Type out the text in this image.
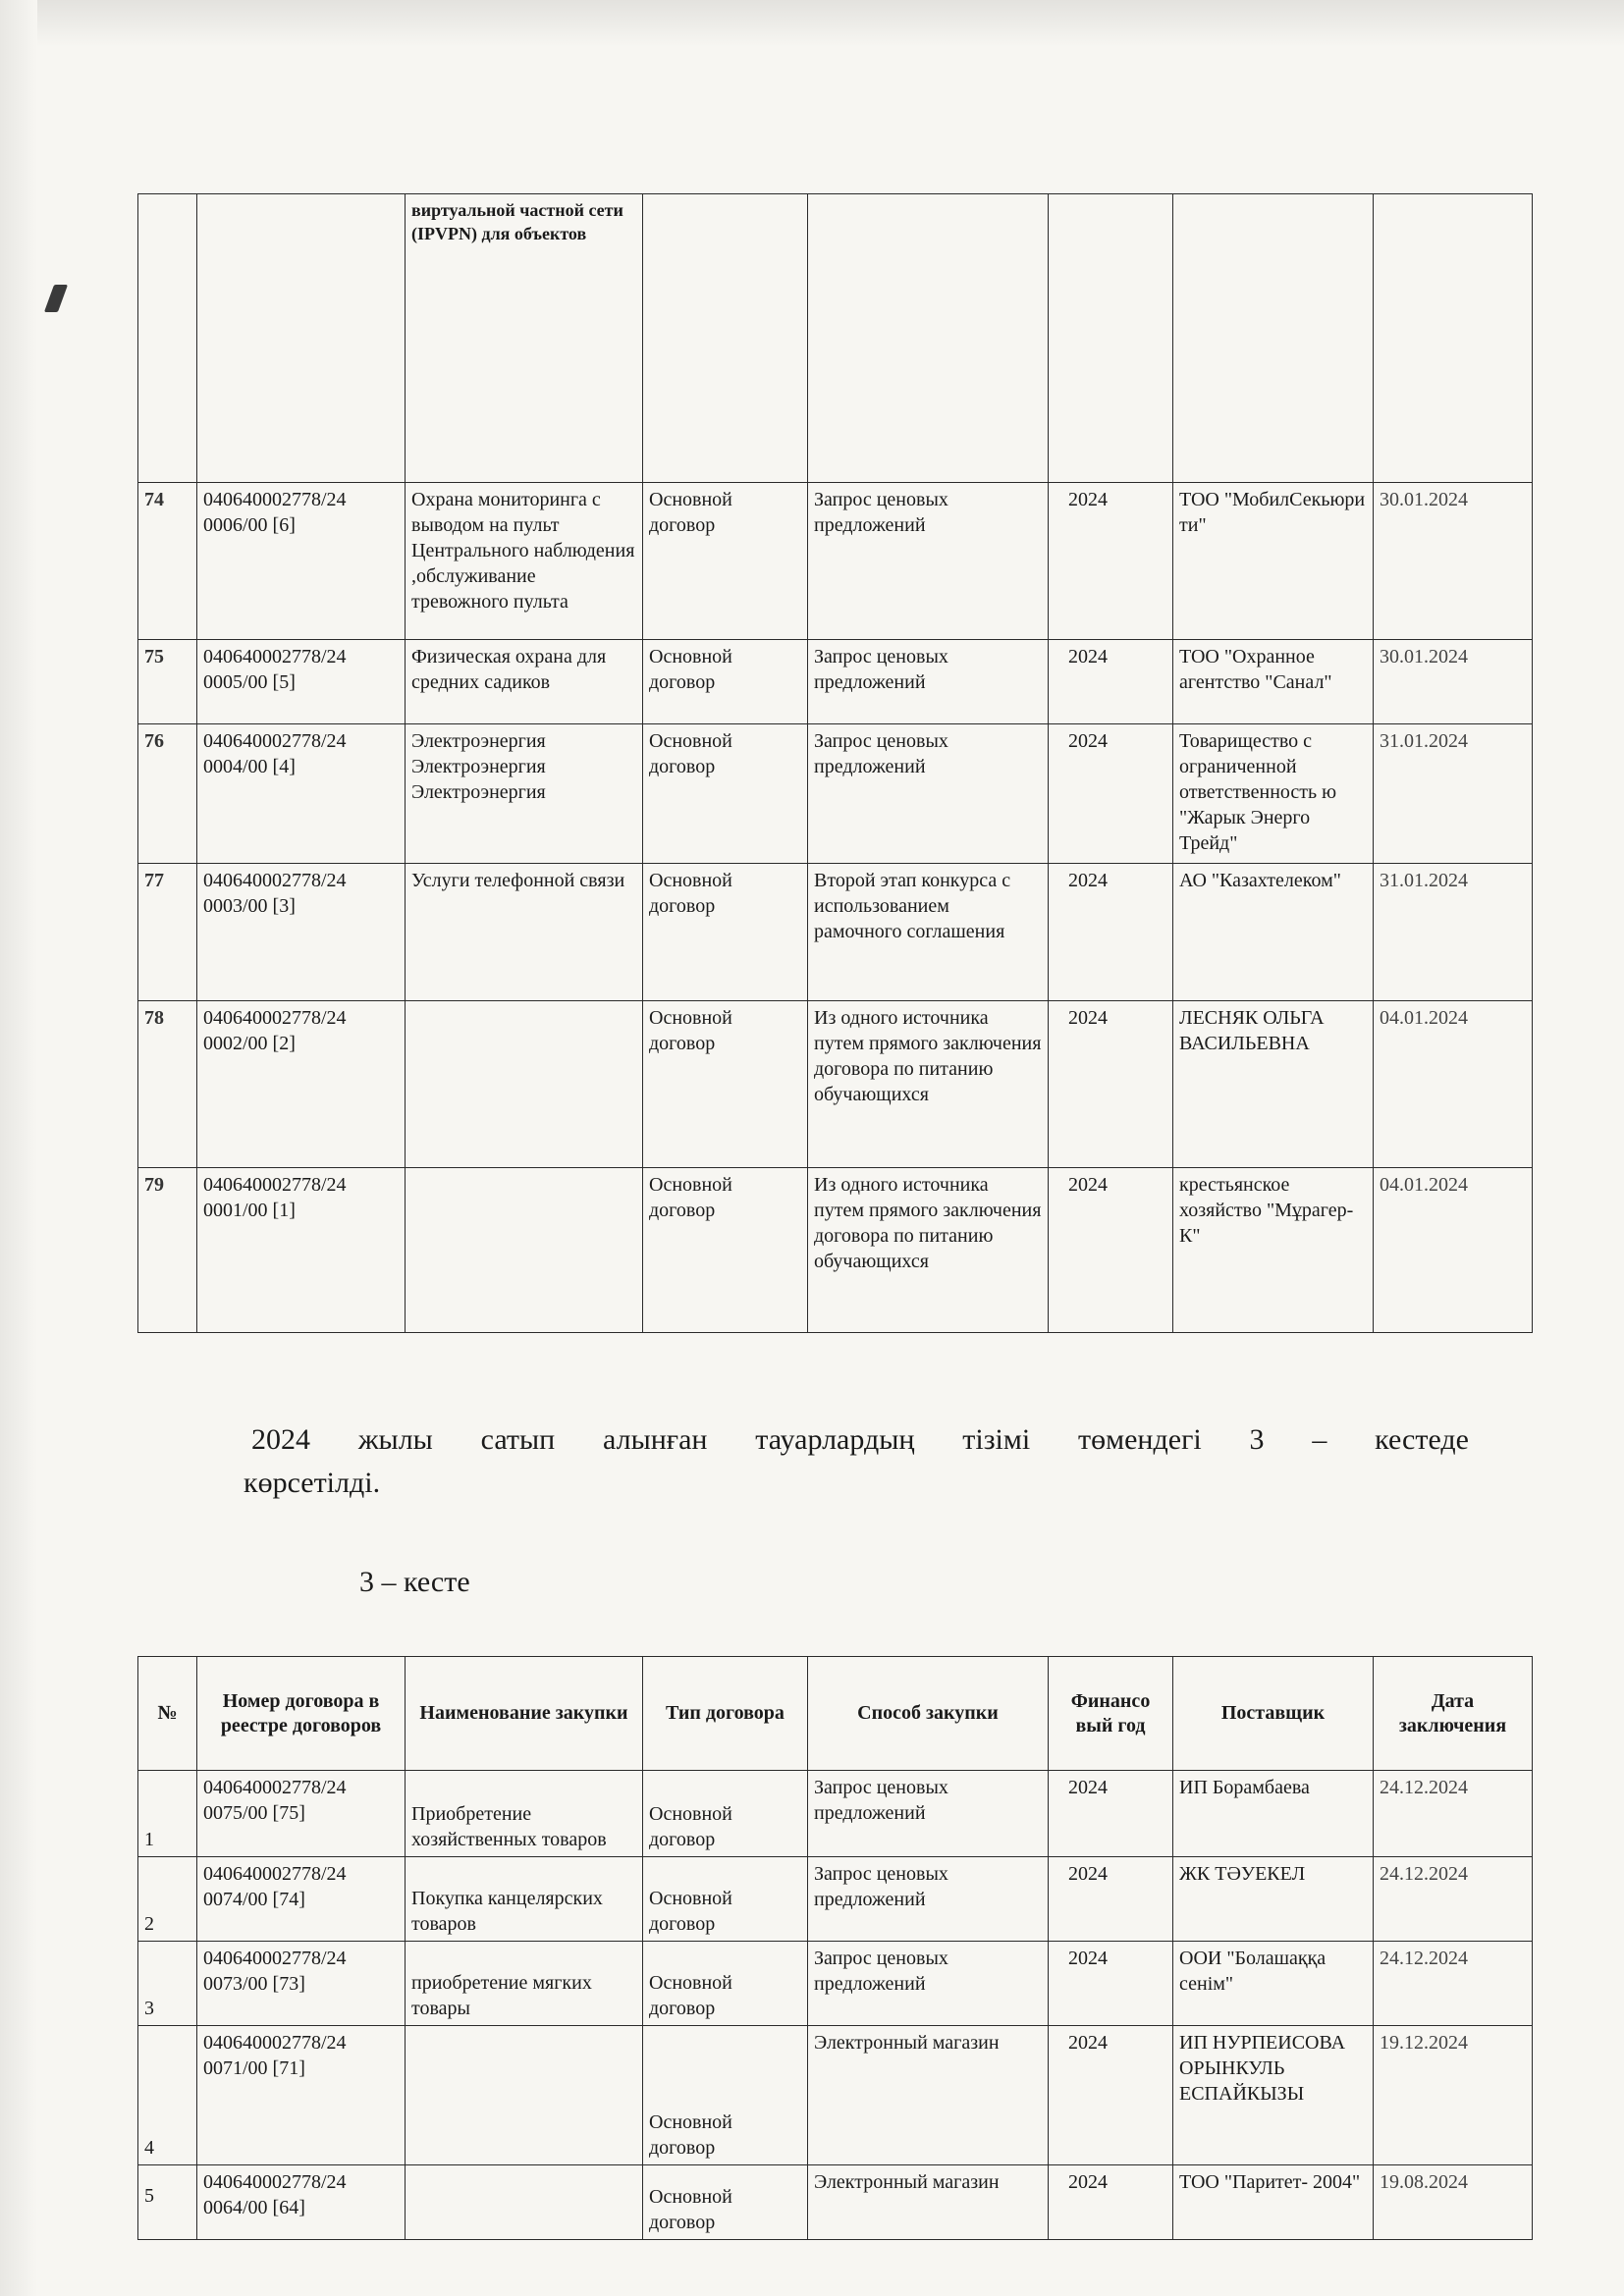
		виртуальной частной сети (IPVPN) для объектов					
74	040640002778/24 0006/00 [6]	Охрана мониторинга с выводом на пульт Центрального наблюдения ,обслуживание тревожного пульта	Основной договор	Запрос ценовых предложений	2024	ТОО "МобилСекьюри ти"	30.01.2024
75	040640002778/24 0005/00 [5]	Физическая охрана для средних садиков	Основной договор	Запрос ценовых предложений	2024	ТОО "Охранное агентство "Санал"	30.01.2024
76	040640002778/24 0004/00 [4]	Электроэнергия Электроэнергия Электроэнергия	Основной договор	Запрос ценовых предложений	2024	Товарищество с ограниченной ответственность ю "Жарык Энерго Трейд"	31.01.2024
77	040640002778/24 0003/00 [3]	Услуги телефонной связи	Основной договор	Второй этап конкурса с использованием рамочного соглашения	2024	АО "Казахтелеком"	31.01.2024
78	040640002778/24 0002/00 [2]		Основной договор	Из одного источника путем прямого заключения договора по питанию обучающихся	2024	ЛЕСНЯК ОЛЬГА ВАСИЛЬЕВНА	04.01.2024
79	040640002778/24 0001/00 [1]		Основной договор	Из одного источника путем прямого заключения договора по питанию обучающихся	2024	крестьянское хозяйство "Мұрагер-К"	04.01.2024
2024 жылы сатып алынған тауарлардың тізімі төмендегі 3 – кестеде
көрсетілді.
3 – кесте
№	Номер договора в реестре договоров	Наименование закупки	Тип договора	Способ закупки	Финансо вый год	Поставщик	Дата заключения
1	040640002778/24 0075/00 [75]	Приобретение хозяйственных товаров	Основной договор	Запрос ценовых предложений	2024	ИП Борамбаева	24.12.2024
2	040640002778/24 0074/00 [74]	Покупка канцелярских товаров	Основной договор	Запрос ценовых предложений	2024	ЖК ТӘУЕКЕЛ	24.12.2024
3	040640002778/24 0073/00 [73]	приобретение мягких товары	Основной договор	Запрос ценовых предложений	2024	ООИ "Болашаққа сенім"	24.12.2024
4	040640002778/24 0071/00 [71]		Основной договор	Электронный магазин	2024	ИП НУРПЕИСОВА ОРЫНКУЛЬ ЕСПАЙКЫЗЫ	19.12.2024
5	040640002778/24 0064/00 [64]		Основной договор	Электронный магазин	2024	ТОО "Паритет- 2004"	19.08.2024
